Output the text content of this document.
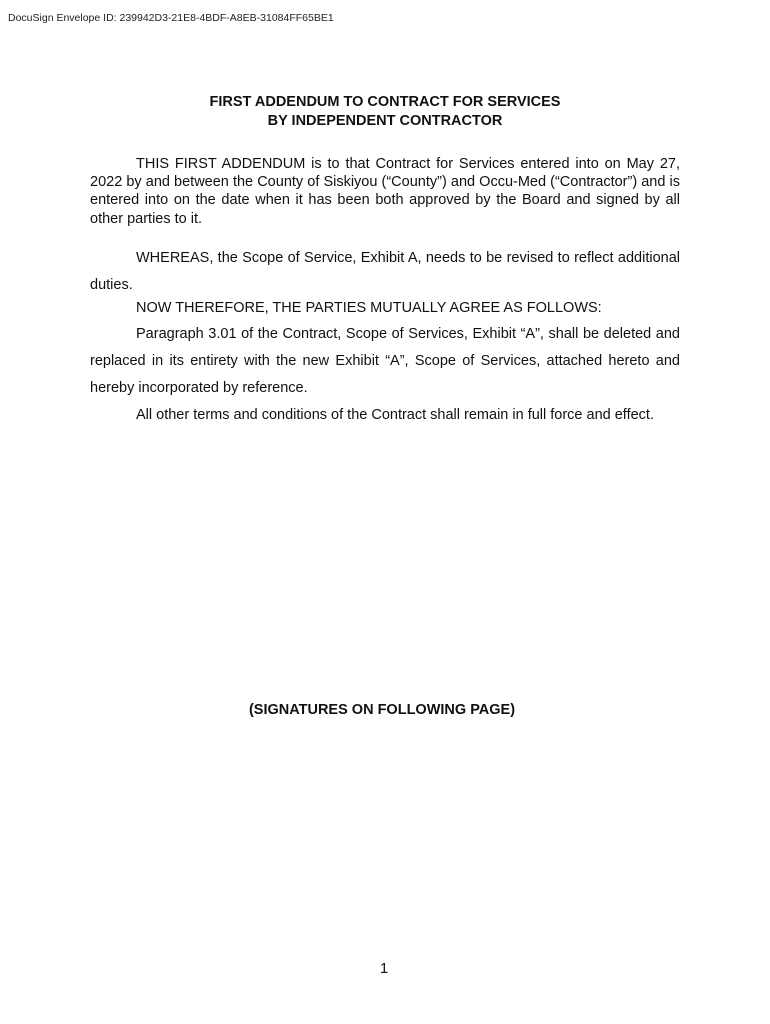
DocuSign Envelope ID: 239942D3-21E8-4BDF-A8EB-31084FF65BE1
FIRST ADDENDUM TO CONTRACT FOR SERVICES
BY INDEPENDENT CONTRACTOR
THIS FIRST ADDENDUM is to that Contract for Services entered into on May 27, 2022 by and between the County of Siskiyou (“County”) and Occu-Med (“Contractor”) and is entered into on the date when it has been both approved by the Board and signed by all other parties to it.
WHEREAS, the Scope of Service, Exhibit A, needs to be revised to reflect additional duties.
NOW THEREFORE, THE PARTIES MUTUALLY AGREE AS FOLLOWS:
Paragraph 3.01 of the Contract, Scope of Services, Exhibit “A”, shall be deleted and replaced in its entirety with the new Exhibit “A”, Scope of Services, attached hereto and hereby incorporated by reference.
All other terms and conditions of the Contract shall remain in full force and effect.
(SIGNATURES ON FOLLOWING PAGE)
1
